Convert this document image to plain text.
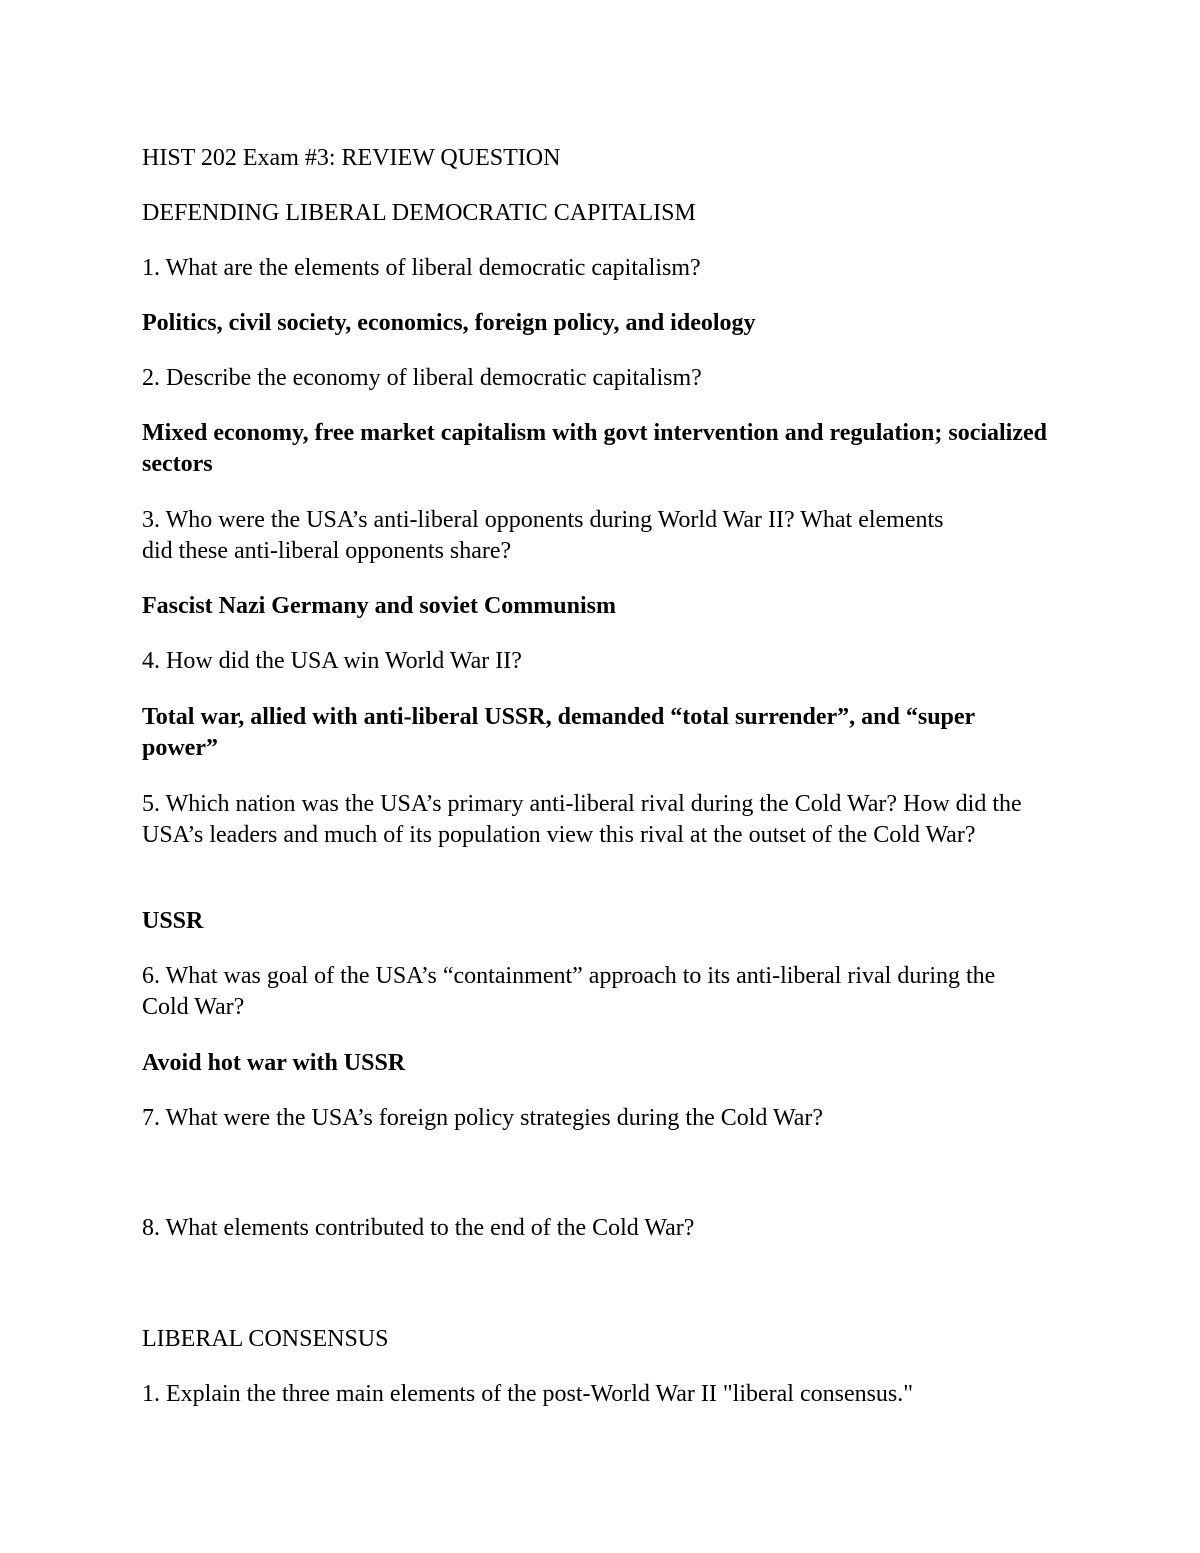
HIST 202 Exam #3: REVIEW QUESTION

DEFENDING LIBERAL DEMOCRATIC CAPITALISM

1. What are the elements of liberal democratic capitalism?

Politics, civil society, economics, foreign policy, and ideology

2. Describe the economy of liberal democratic capitalism?

Mixed economy, free market capitalism with govt intervention and regulation; socialized sectors

3. Who were the USA’s anti-liberal opponents during World War II? What elements did these anti-liberal opponents share?

Fascist Nazi Germany and soviet Communism

4. How did the USA win World War II?

Total war, allied with anti-liberal USSR, demanded “total surrender”, and “super power”

5. Which nation was the USA’s primary anti-liberal rival during the Cold War? How did the USA’s leaders and much of its population view this rival at the outset of the Cold War?

USSR

6. What was goal of the USA’s “containment” approach to its anti-liberal rival during the Cold War?

Avoid hot war with USSR

7. What were the USA’s foreign policy strategies during the Cold War?

8. What elements contributed to the end of the Cold War?

LIBERAL CONSENSUS

1. Explain the three main elements of the post-World War II "liberal consensus."
